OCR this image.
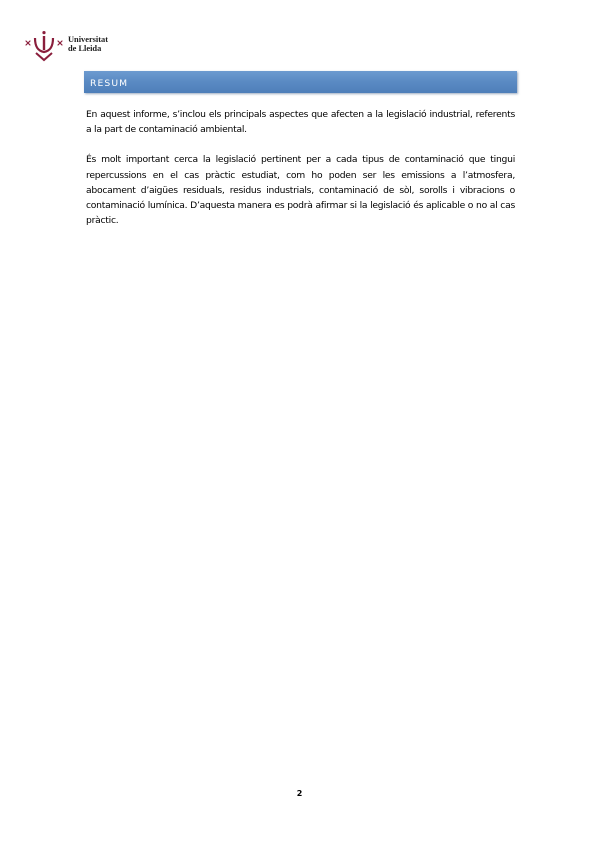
Universitat
de Lleida
RESUM

En aquest informe, s’inclou els principals aspectes que afecten a la legislació industrial, referents a la part de contaminació ambiental.

És molt important cerca la legislació pertinent per a cada tipus de contaminació que tingui repercussions en el cas pràctic estudiat, com ho poden ser les emissions a l’atmosfera, abocament d’aigües residuals, residus industrials, contaminació de sòl, sorolls i vibracions o contaminació lumínica. D’aquesta manera es podrà afirmar si la legislació és aplicable o no al cas pràctic.

2
